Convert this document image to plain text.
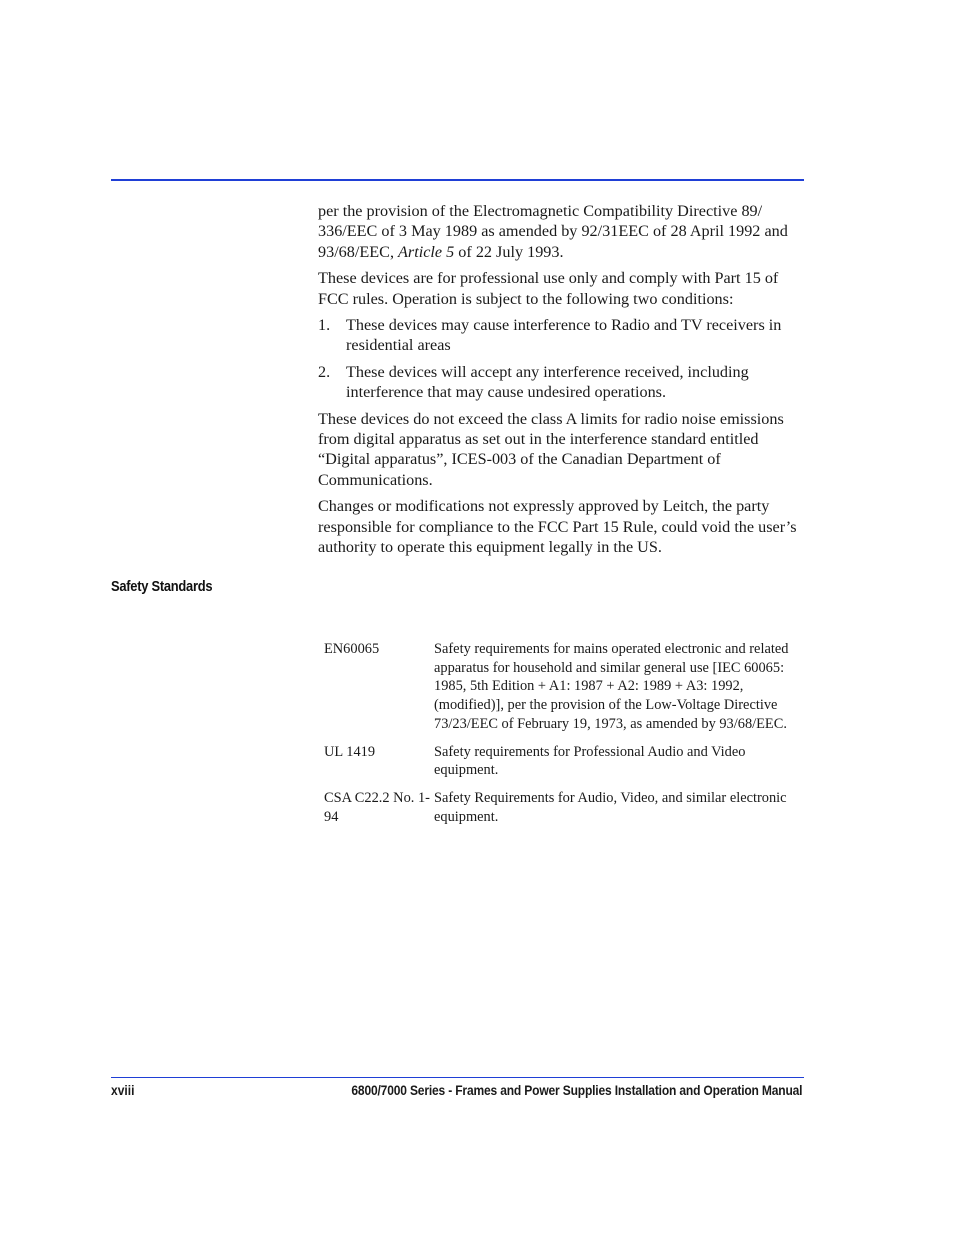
per the provision of the Electromagnetic Compatibility Directive 89/ 336/EEC of 3 May 1989 as amended by 92/31EEC of 28 April 1992 and 93/68/EEC, Article 5 of 22 July 1993.

These devices are for professional use only and comply with Part 15 of FCC rules. Operation is subject to the following two conditions:

1. These devices may cause interference to Radio and TV receivers in residential areas
2. These devices will accept any interference received, including interference that may cause undesired operations.

These devices do not exceed the class A limits for radio noise emissions from digital apparatus as set out in the interference standard entitled “Digital apparatus”, ICES-003 of the Canadian Department of Communications.

Changes or modifications not expressly approved by Leitch, the party responsible for compliance to the FCC Part 15 Rule, could void the user’s authority to operate this equipment legally in the US.

Safety Standards
EN60065	Safety requirements for mains operated electronic and related apparatus for household and similar general use [IEC 60065: 1985, 5th Edition + A1: 1987 + A2: 1989 + A3: 1992, (modified)], per the provision of the Low-Voltage Directive 73/23/EEC of February 19, 1973, as amended by 93/68/EEC.
UL 1419	Safety requirements for Professional Audio and Video equipment.
CSA C22.2 No. 1-94	Safety Requirements for Audio, Video, and similar electronic equipment.
xviii	6800/7000 Series - Frames and Power Supplies Installation and Operation Manual
